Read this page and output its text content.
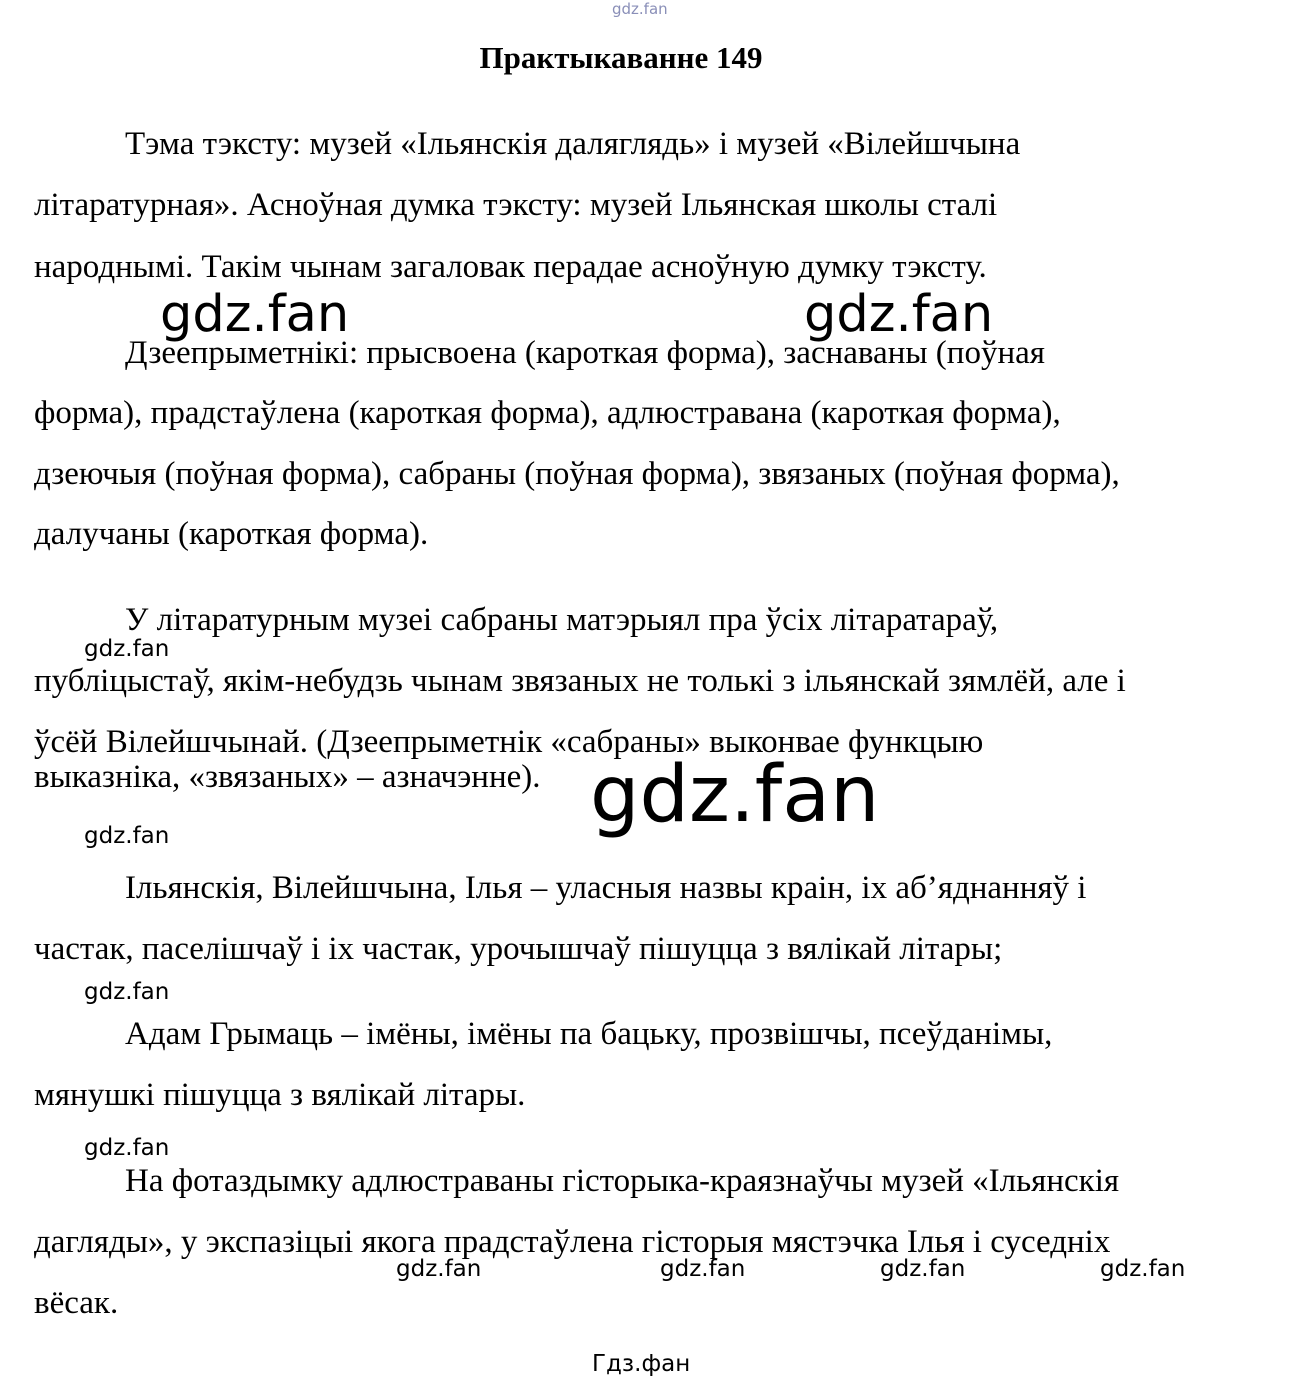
gdz.fan
Практыкаванне 149
Тэма тэксту: музей «Ільянскія даляглядь» і музей «Вілейшчына
літаратурная». Асноўная думка тэксту: музей Ільянская школы сталі
народнымі. Такім чынам загаловак перадае асноўную думку тэксту.
Дзеепрыметнікі: прысвоена (кароткая форма), заснаваны (поўная
форма), прадстаўлена (кароткая форма), адлюстравана (кароткая форма),
дзеючыя (поўная форма), сабраны (поўная форма), звязаных (поўная форма),
далучаны (кароткая форма).
У літаратурным музеі сабраны матэрыял пра ўсіх літаратараў,
публіцыстаў, якім-небудзь чынам звязаных не толькі з ільянскай зямлёй, але і
ўсёй Вілейшчынай. (Дзеепрыметнік «сабраны» выконвае функцыю
выказніка, «звязаных» – азначэнне).
Ільянскія, Вілейшчына, Ілья – уласныя назвы краін, іх аб’яднанняў і
частак, паселішчаў і іх частак, урочышчаў пішуцца з вялікай літары;
Адам Грымаць – імёны, імёны па бацьку, прозвішчы, псеўданімы,
мянушкі пішуцца з вялікай літары.
На фотаздымку адлюстраваны гісторыка-краязнаўчы музей «Ільянскія
дагляды», у экспазіцыі якога прадстаўлена гісторыя мястэчка Ілья і суседніх
вёсак.
gdz.fan	gdz.fan
gdz.fan
gdz.fan
gdz.fan
gdz.fan
gdz.fan
gdz.fan	gdz.fan	gdz.fan	gdz.fan
Гдз.фан
